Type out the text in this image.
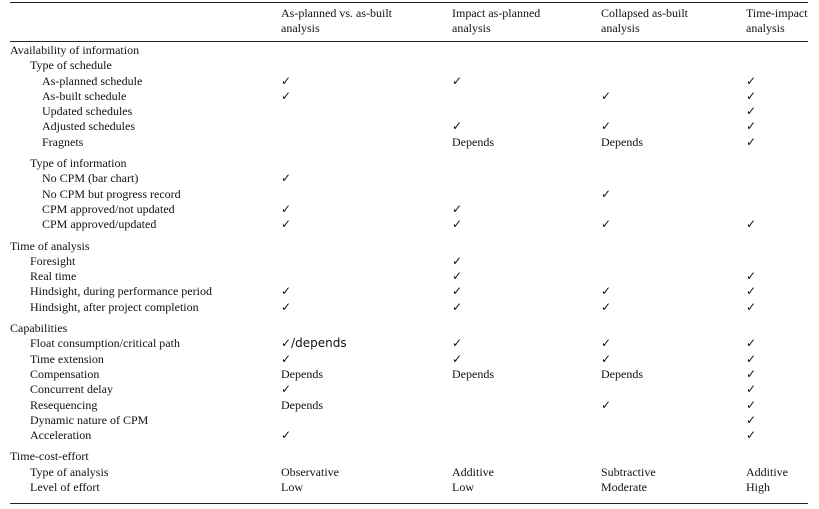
As-planned vs. as-built
analysis
Impact as-planned
analysis
Collapsed as-built
analysis
Time-impact
analysis
Availability of information				
Type of schedule				
As-planned schedule	✓	✓		✓
As-built schedule	✓		✓	✓
Updated schedules				✓
Adjusted schedules		✓	✓	✓
Fragnets		Depends	Depends	✓

Type of information				
No CPM (bar chart)	✓			
No CPM but progress record			✓	
CPM approved/not updated	✓	✓		
CPM approved/updated	✓	✓	✓	✓

Time of analysis				
Foresight		✓		
Real time		✓		✓
Hindsight, during performance period	✓	✓	✓	✓
Hindsight, after project completion	✓	✓	✓	✓

Capabilities				
Float consumption/critical path	✓/depends	✓	✓	✓
Time extension	✓	✓	✓	✓
Compensation	Depends	Depends	Depends	✓
Concurrent delay	✓			✓
Resequencing	Depends		✓	✓
Dynamic nature of CPM				✓
Acceleration	✓			✓

Time-cost-effort				
Type of analysis	Observative	Additive	Subtractive	Additive
Level of effort	Low	Low	Moderate	High
